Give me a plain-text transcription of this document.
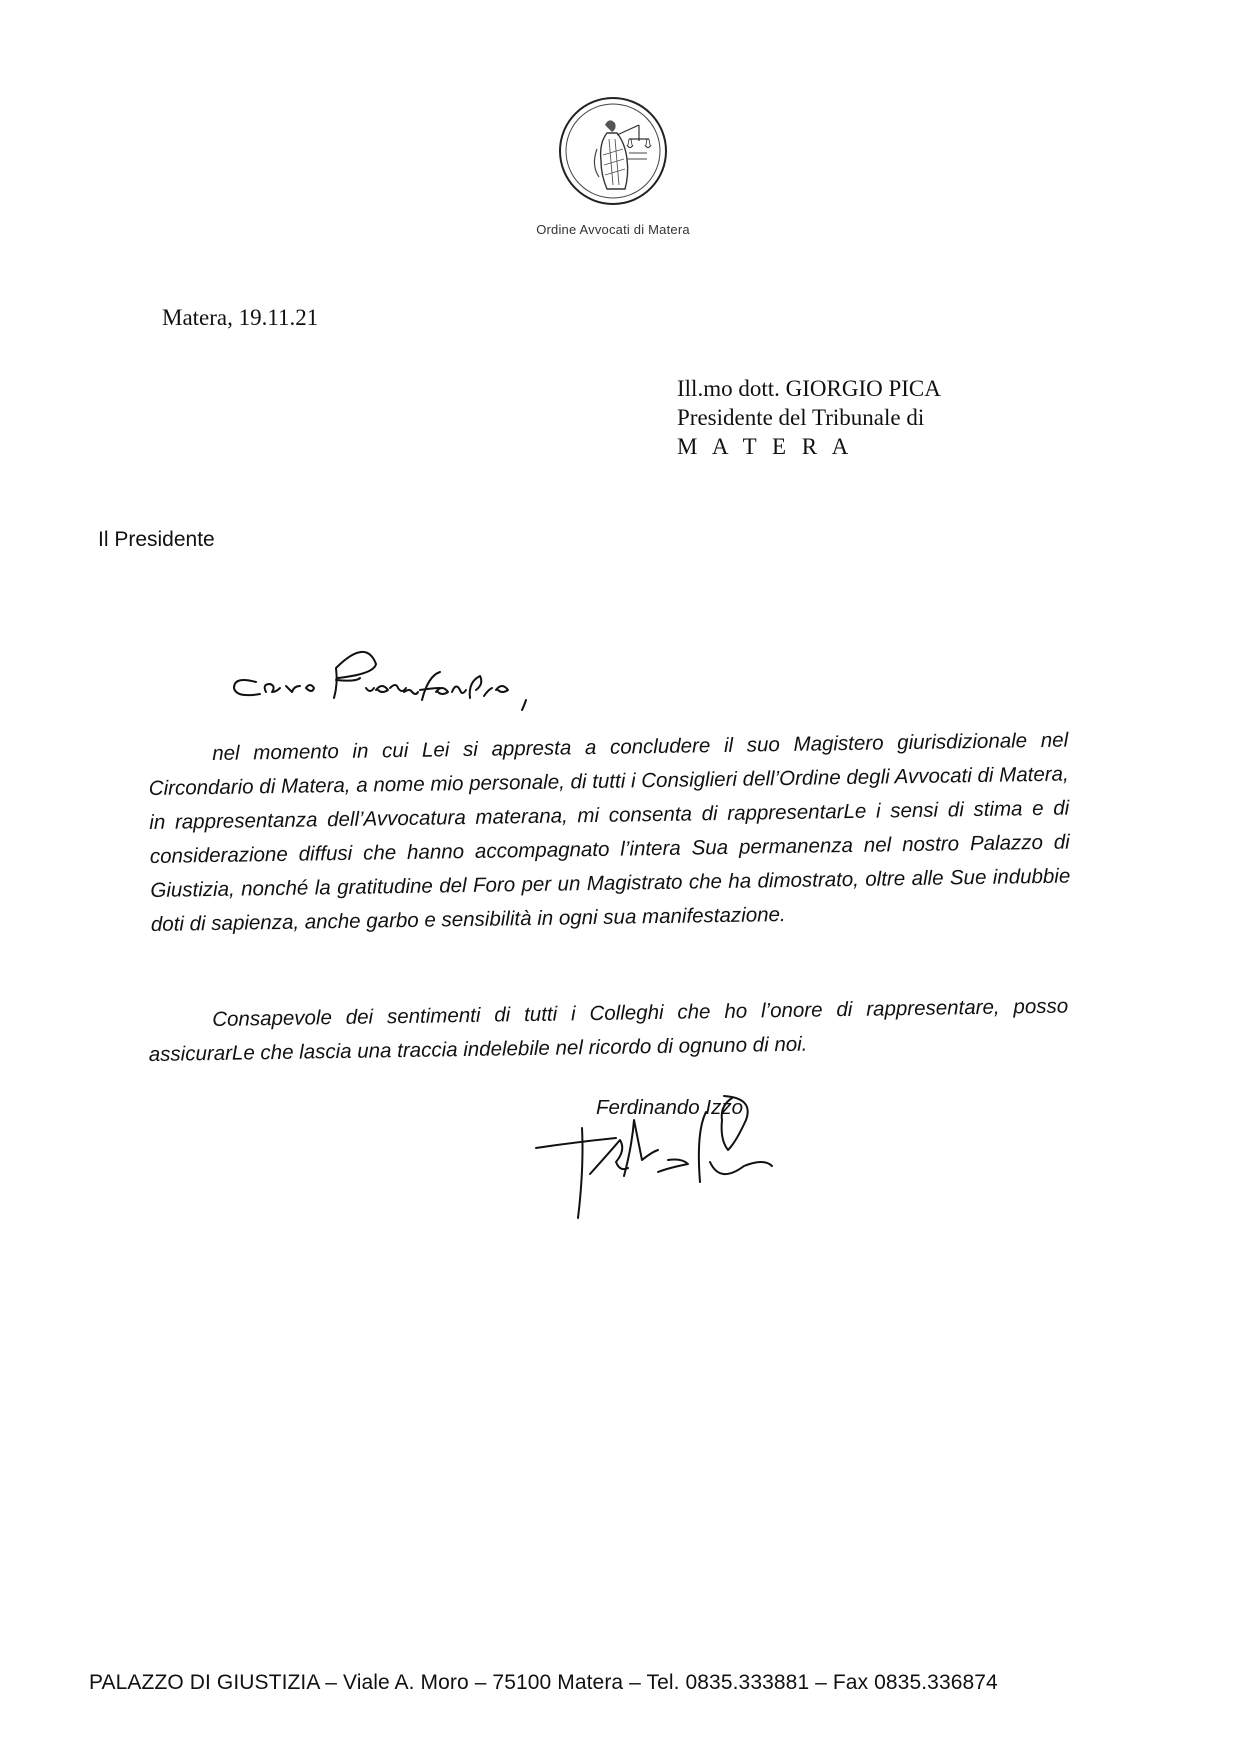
Ordine Avvocati di Matera
Matera, 19.11.21
Ill.mo dott. GIORGIO PICA
Presidente del Tribunale di
M A T E R A
Il Presidente
nel momento in cui Lei si appresta a concludere il suo Magistero giurisdizionale nel Circondario di Matera, a nome mio personale, di tutti i Consiglieri dell’Ordine degli Avvocati di Matera, in rappresentanza dell’Avvocatura materana, mi consenta di rappresentarLe i sensi di stima e di considerazione diffusi che hanno accompagnato l’intera Sua permanenza nel nostro Palazzo di Giustizia, nonché la gratitudine del Foro per un Magistrato che ha dimostrato, oltre alle Sue indubbie doti di sapienza, anche garbo e sensibilità in ogni sua manifestazione.
Consapevole dei sentimenti di tutti i Colleghi che ho l’onore di rappresentare, posso assicurarLe che lascia una traccia indelebile nel ricordo di ognuno di noi.
Ferdinando Izzo
PALAZZO DI GIUSTIZIA – Viale A. Moro – 75100 Matera – Tel. 0835.333881 – Fax 0835.336874
